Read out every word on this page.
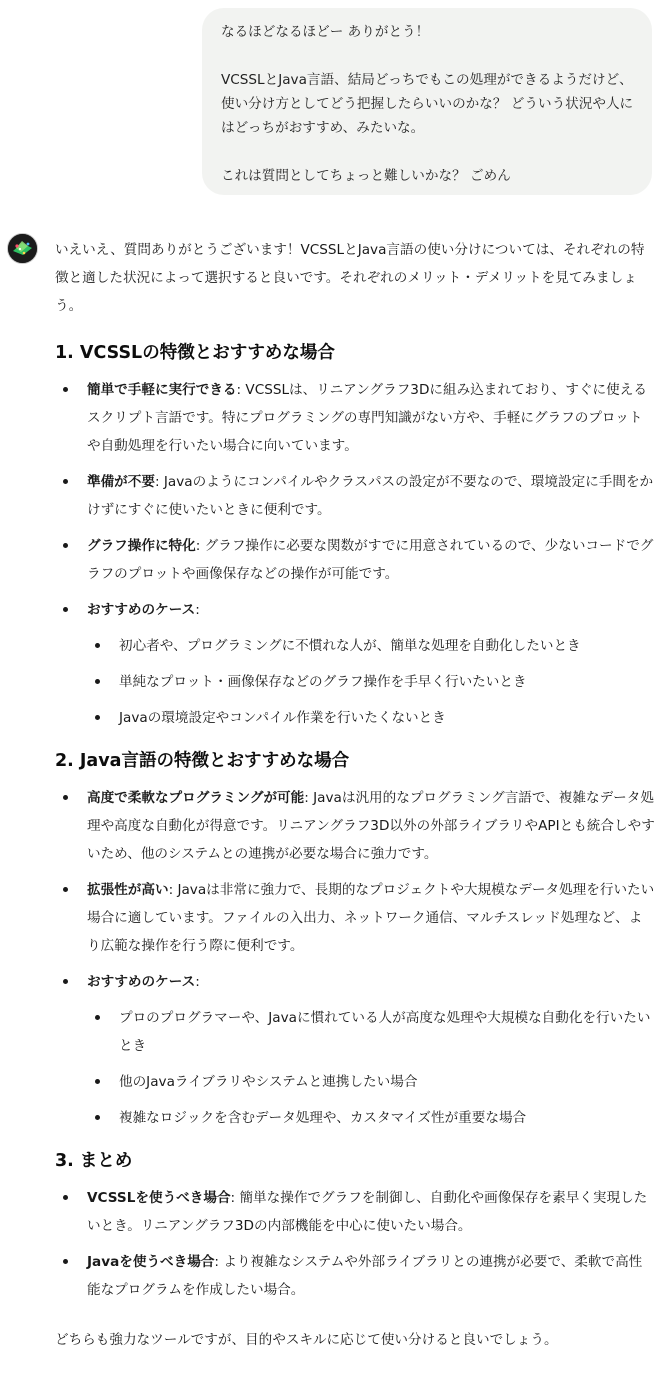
なるほどなるほどー ありがとう！

VCSSLとJava言語、結局どっちでもこの処理ができるようだけど、使い分け方としてどう把握したらいいのかな？ どういう状況や人にはどっちがおすすめ、みたいな。

これは質問としてちょっと難しいかな？ ごめん

いえいえ、質問ありがとうございます！VCSSLとJava言語の使い分けについては、それぞれの特徴と適した状況によって選択すると良いです。それぞれのメリット・デメリットを見てみましょう。

1. VCSSLの特徴とおすすめな場合
簡単で手軽に実行できる: VCSSLは、リニアングラフ3Dに組み込まれており、すぐに使えるスクリプト言語です。特にプログラミングの専門知識がない方や、手軽にグラフのプロットや自動処理を行いたい場合に向いています。
準備が不要: Javaのようにコンパイルやクラスパスの設定が不要なので、環境設定に手間をかけずにすぐに使いたいときに便利です。
グラフ操作に特化: グラフ操作に必要な関数がすでに用意されているので、少ないコードでグラフのプロットや画像保存などの操作が可能です。
おすすめのケース:
初心者や、プログラミングに不慣れな人が、簡単な処理を自動化したいとき
単純なプロット・画像保存などのグラフ操作を手早く行いたいとき
Javaの環境設定やコンパイル作業を行いたくないとき
2. Java言語の特徴とおすすめな場合
高度で柔軟なプログラミングが可能: Javaは汎用的なプログラミング言語で、複雑なデータ処理や高度な自動化が得意です。リニアングラフ3D以外の外部ライブラリやAPIとも統合しやすいため、他のシステムとの連携が必要な場合に強力です。
拡張性が高い: Javaは非常に強力で、長期的なプロジェクトや大規模なデータ処理を行いたい場合に適しています。ファイルの入出力、ネットワーク通信、マルチスレッド処理など、より広範な操作を行う際に便利です。
おすすめのケース:
プロのプログラマーや、Javaに慣れている人が高度な処理や大規模な自動化を行いたいとき
他のJavaライブラリやシステムと連携したい場合
複雑なロジックを含むデータ処理や、カスタマイズ性が重要な場合
3. まとめ
VCSSLを使うべき場合: 簡単な操作でグラフを制御し、自動化や画像保存を素早く実現したいとき。リニアングラフ3Dの内部機能を中心に使いたい場合。
Javaを使うべき場合: より複雑なシステムや外部ライブラリとの連携が必要で、柔軟で高性能なプログラムを作成したい場合。

どちらも強力なツールですが、目的やスキルに応じて使い分けると良いでしょう。
